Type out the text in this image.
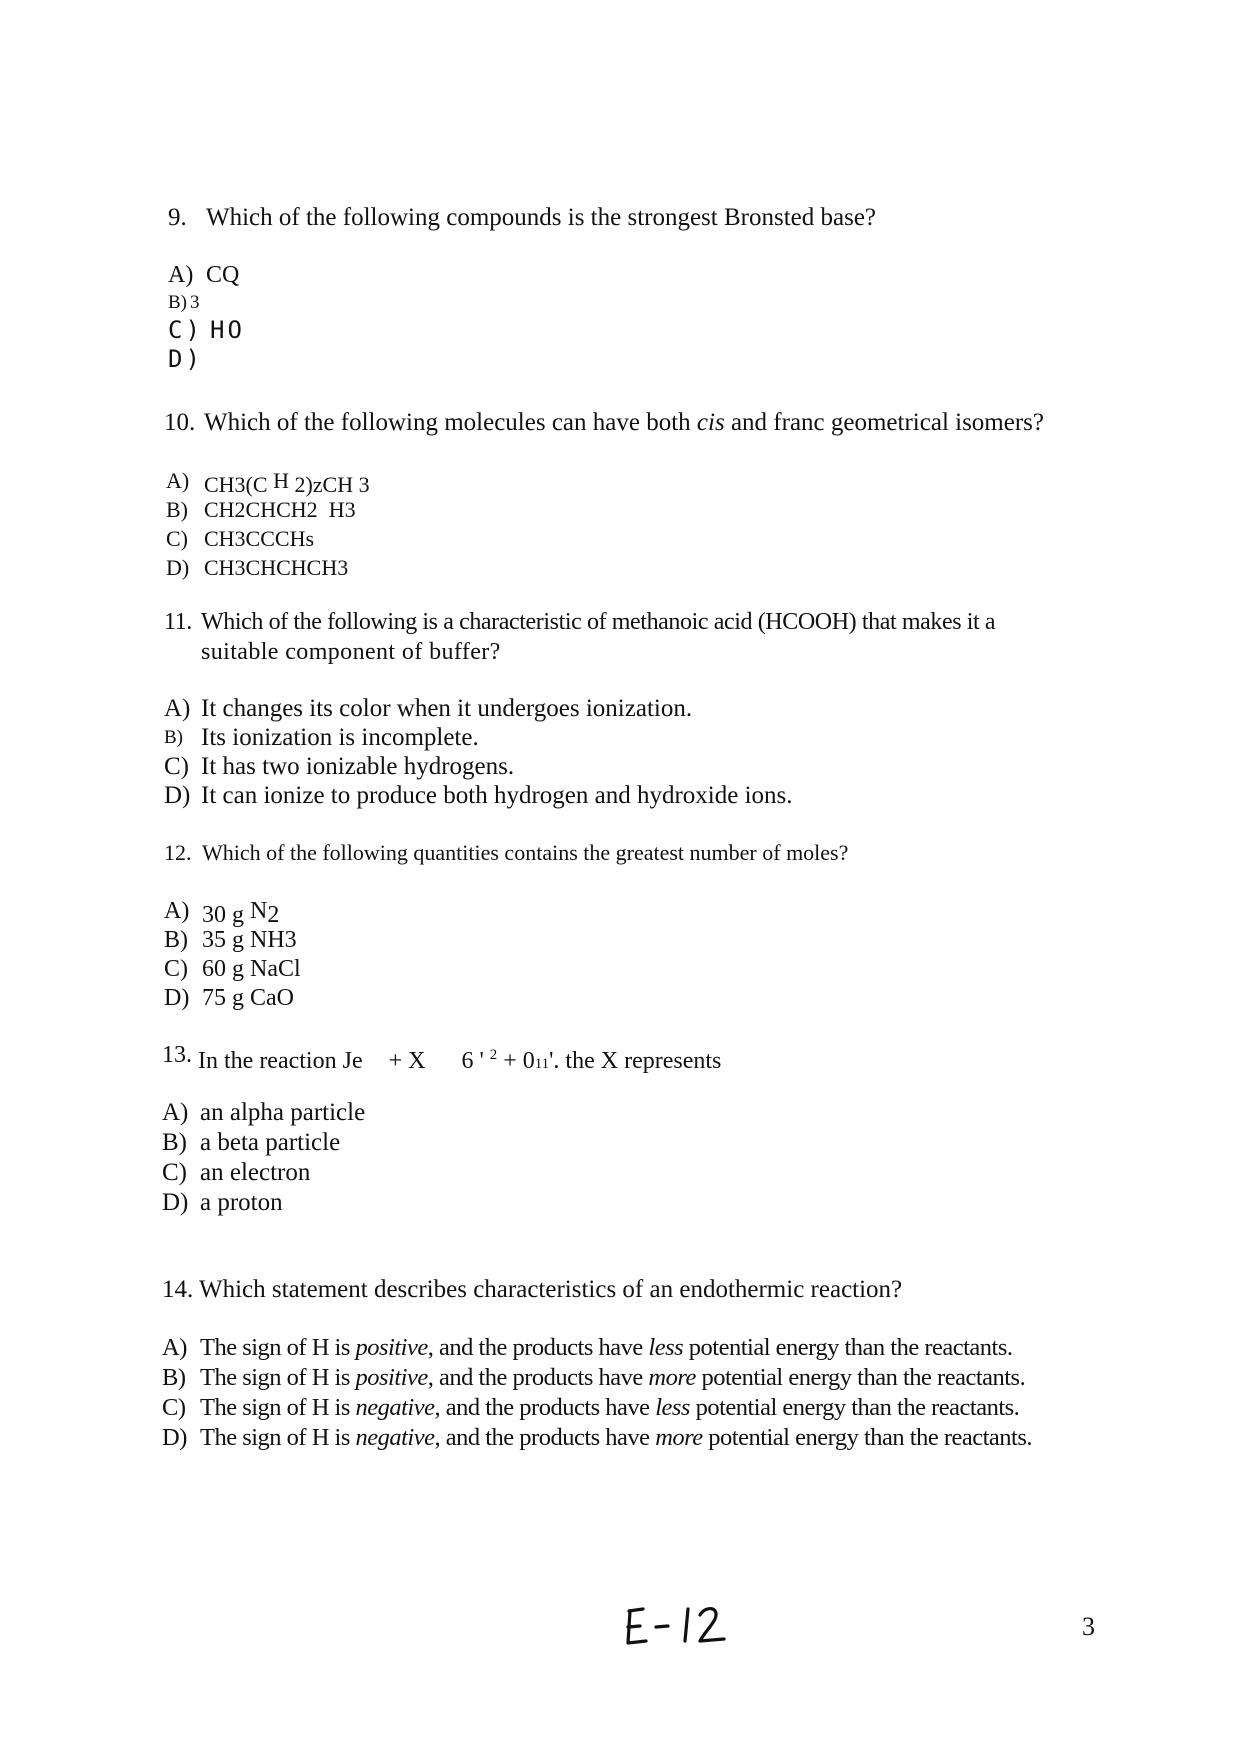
9. Which of the following compounds is the strongest Bronsted base?
A) CQ
B) 3
C) HO
D)
10. Which of the following molecules can have both cis and franc geometrical isomers?
A) CH3(C $^H$ 2)zCH 3
B) CH2CHCH2 H3
C) CH3CCCHs
D) CH3CHCHCH3
11. Which of the following is a characteristic of methanoic acid (HCOOH) that makes it a
suitable component of buffer?
A) It changes its color when it undergoes ionization.
B) Its ionization is incomplete.
C) It has two ionizable hydrogens.
D) It can ionize to produce both hydrogen and hydroxide ions.
12. Which of the following quantities contains the greatest number of moles?
A) 30 g $^N$2
B) 35 g NH3
C) 60 g NaCl
D) 75 g CaO
13. In the reaction Je + X 6 ' $^2$ + 011'. the X represents
A) an alpha particle
B) a beta particle
C) an electron
D) a proton
14. Which statement describes characteristics of an endothermic reaction?
A) The sign of H is positive, and the products have less potential energy than the reactants.
B) The sign of H is positive, and the products have more potential energy than the reactants.
C) The sign of H is negative, and the products have less potential energy than the reactants.
D) The sign of H is negative, and the products have more potential energy than the reactants.
3
